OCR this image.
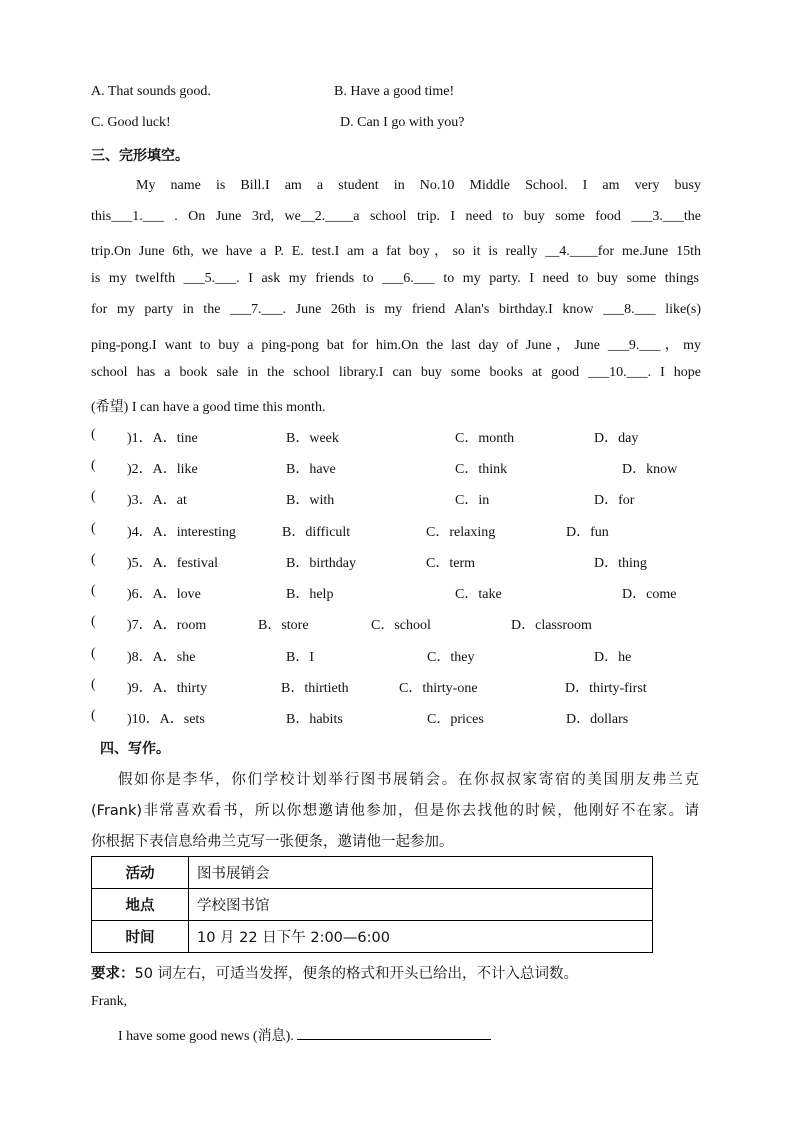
A. That sounds good.	B. Have a good time!
C. Good luck!	D. Can I go with you?
三、完形填空。
My name is Bill.I am a student in No.10 Middle School. I am very busy
this___1.___ . On June 3rd, we__2.____a school trip. I need to buy some food ___3.___the
trip.On June 6th, we have a P. E. test.I am a fat boy，so it is really __4.____for me.June 15th
is my twelfth ___5.___. I ask my friends to ___6.___ to my party. I need to buy some things
for my party in the ___7.___. June 26th is my friend Alan's birthday.I know ___8.___ like(s)
ping-pong.I want to buy a ping-pong bat for him.On the last day of June，June ___9.___，my
school has a book sale in the school library.I can buy some books at good ___10.___. I hope
(希望) I can have a good time this month.
( )1．A．tine	B．week	C．month	D．day
( )2．A．like	B．have	C．think	D．know
( )3．A．at	B．with	C．in	D．for
( )4．A．interesting	B．difficult	C．relaxing	D．fun
( )5．A．festival	B．birthday	C．term	D．thing
( )6．A．love	B．help	C．take	D．come
( )7．A．room	B．store	C．school	D．classroom
( )8．A．she	B．I	C．they	D．he
( )9．A．thirty	B．thirtieth	C．thirty-one	D．thirty-first
( )10．A．sets	B．habits	C．prices	D．dollars
四、写作。
假如你是李华，你们学校计划举行图书展销会。在你叔叔家寄宿的美国朋友弗兰克
(Frank)非常喜欢看书，所以你想邀请他参加，但是你去找他的时候，他刚好不在家。请
你根据下表信息给弗兰克写一张便条，邀请他一起参加。
活动	图书展销会
地点	学校图书馆
时间	10 月 22 日下午 2:00—6:00
要求：50 词左右，可适当发挥，便条的格式和开头已给出，不计入总词数。
Frank,
I have some good news (消息).
